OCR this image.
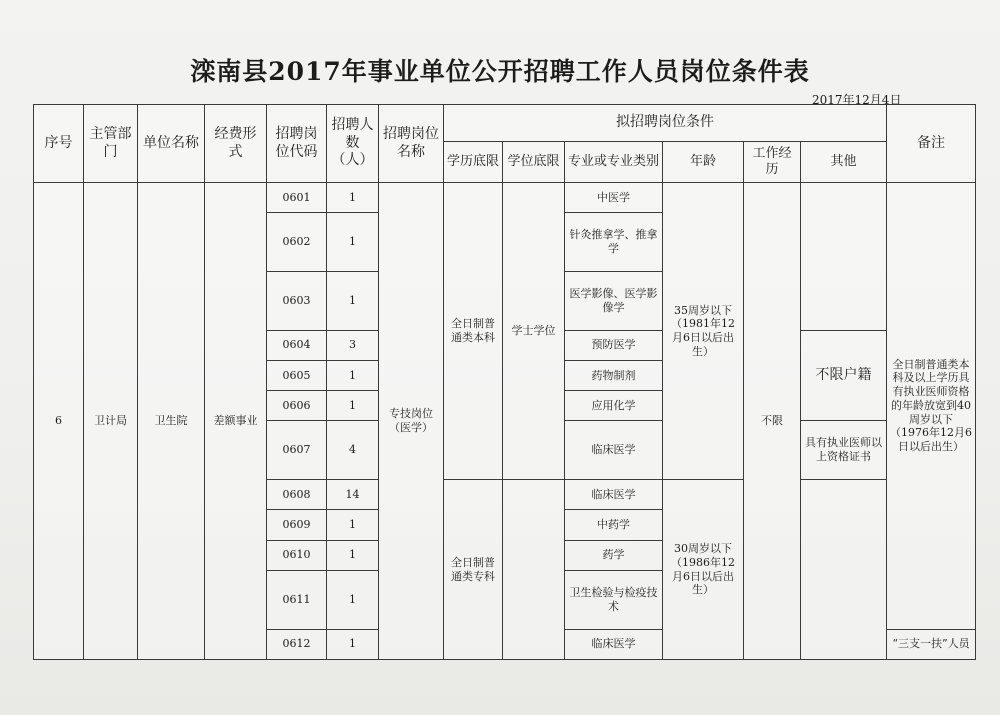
滦南县2017年事业单位公开招聘工作人员岗位条件表
2017年12月4日
序号	主管部门	单位名称	经费形式	招聘岗位代码	招聘人数（人）	招聘岗位名称	拟招聘岗位条件						备注
							学历底限	学位底限	专业或专业类别	年龄	工作经历	其他	
6	卫计局	卫生院	差额事业	0601	1	专技岗位（医学）	全日制普通类本科	学士学位	中医学	35周岁以下（1981年12月6日以后出生）	不限		全日制普通类本科及以上学历具有执业医师资格的年龄放宽到40周岁以下（1976年12月6日以后出生）
				0602	1				针灸推拿学、推拿学				
				0603	1				医学影像、医学影像学				
				0604	3				预防医学			不限户籍	
				0605	1				药物制剂				
				0606	1				应用化学				
				0607	4				临床医学			具有执业医师以上资格证书	
				0608	14		全日制普通类专科		临床医学	30周岁以下（1986年12月6日以后出生）			
				0609	1				中药学				
				0610	1				药学				
				0611	1				卫生检验与检疫技术				
				0612	1				临床医学				“三支一扶”人员
